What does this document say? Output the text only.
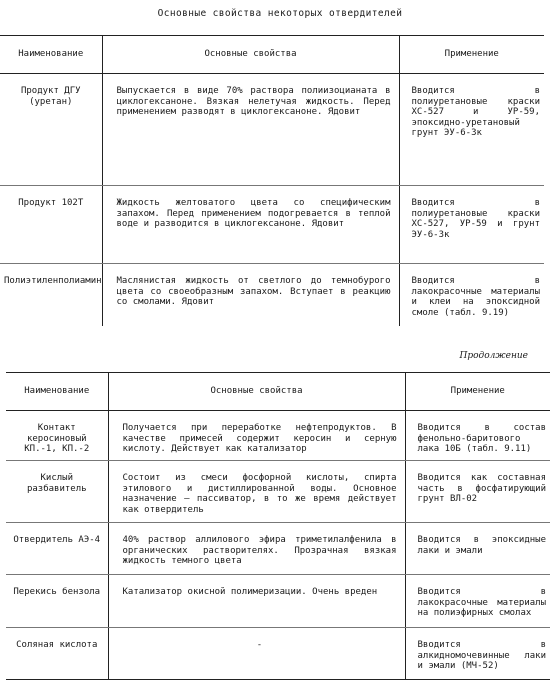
Основные свойства некоторых отвердителей
Наименование	Основные свойства	Применение
Продукт ДГУ (уретан)	Выпускается в виде 70% раствора полиизоцианата в циклогексаноне. Вязкая нелетучая жидкость. Перед применением разводят в циклогексаноне. Ядовит	Вводится в полиуретановые краски ХС-527 и УР-59, эпоксидно-уретановый грунт ЭУ-6-3к
Продукт 102Т	Жидкость желтоватого цвета со специфическим запахом. Перед применением подогревается в теплой воде и разводится в циклогексаноне. Ядовит	Вводится в полиуретановые краски ХС-527, УР-59 и грунт ЭУ-6-3к
Полиэтиленполиамин	Маслянистая жидкость от светлого до темнобурого цвета со своеобразным запахом. Вступает в реакцию со смолами. Ядовит	Вводится в лакокрасочные материалы и клеи на эпоксидной смоле (табл. 9.19)
Продолжение
Наименование	Основные свойства	Применение
Контакт керосиновый КП.-1, КП.-2	Получается при переработке нефтепродуктов. В качестве примесей содержит керосин и серную кислоту. Действует как катализатор	Вводится в состав фенольно-баритового лака 10Б (табл. 9.11)
Кислый разбавитель	Состоит из смеси фосфорной кислоты, спирта этилового и дистиллированной воды. Основное назначение — пассиватор, в то же время действует как отвердитель	Вводится как составная часть в фосфатирующий грунт ВЛ-02
Отвердитель АЭ-4	40% раствор аллилового эфира триметилалфенила в органических растворителях. Прозрачная вязкая жидкость темного цвета	Вводится в эпоксидные лаки и эмали
Перекись бензола	Катализатор окисной полимеризации. Очень вреден	Вводится в лакокрасочные материалы на полиэфирных смолах
Соляная кислота	-	Вводится в алкидномочевинные лаки и эмали (МЧ-52)
